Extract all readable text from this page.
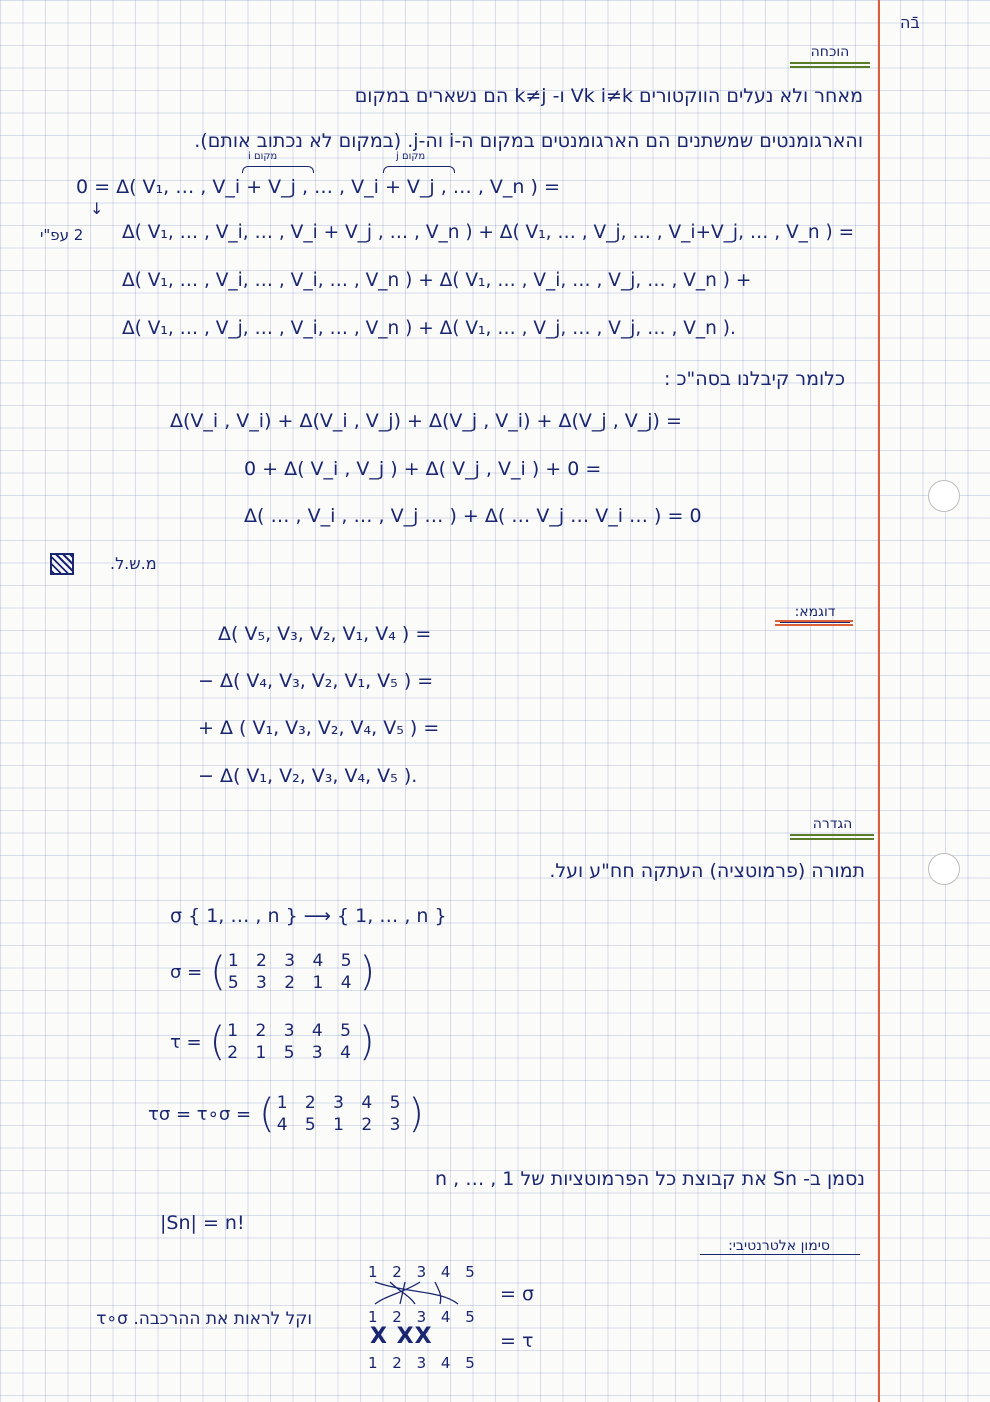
בֿה
הוכחה
מאחר ולא נעלים הווקטורים Vk i≠k ו- k≠j הם נשארים במקום
והארגומנטים שמשתנים הם הארגומנטים במקום ה-i וה-j. (במקום לא נכתוב אותם).
מקום i	מקום j
0 = Δ( V₁, … , V_i + V_j , … , V_i + V_j , … , V_n ) =
↓
2 עפ"י Δ( V₁, … , V_i, … , V_i + V_j , … , V_n ) + Δ( V₁, … , V_j, … , V_i+V_j, … , V_n ) =
Δ( V₁, … , V_i, … , V_i, … , V_n ) + Δ( V₁, … , V_i, … , V_j, … , V_n ) +
Δ( V₁, … , V_j, … , V_i, … , V_n ) + Δ( V₁, … , V_j, … , V_j, … , V_n ).
כלומר קיבלנו בסה"כ :
Δ(V_i , V_i) + Δ(V_i , V_j) + Δ(V_j , V_i) + Δ(V_j , V_j) =
0 + Δ( V_i , V_j ) + Δ( V_j , V_i ) + 0 =
Δ( … , V_i , … , V_j … ) + Δ( … V_j … V_i … ) = 0
מ.ש.ל.
דוגמא:
Δ( V₅, V₃, V₂, V₁, V₄ ) =
− Δ( V₄, V₃, V₂, V₁, V₅ ) =
+ Δ ( V₁, V₃, V₂, V₄, V₅ ) =
− Δ( V₁, V₂, V₃, V₄, V₅ ).
הגדרה
תמורה (פרמוטציה) העתקה חח"ע ועל.
σ { 1, … , n } ⟶ { 1, … , n }
σ = ( 1 2 3 4 5
5 3 2 1 4 )
τ = ( 1 2 3 4 5
2 1 5 3 4 )
τσ = τ∘σ = ( 1 2 3 4 5
4 5 1 2 3 )
נסמן ב- Sn את קבוצת כל הפרמוטציות של n , … , 1
|Sn| = n!
סימון אלטרנטיבי:
1 2 3 4 5
1 2 3 4 5
X XX
1 2 3 4 5
= σ
= τ
וקל לראות את ההרכבה. τ∘σ
